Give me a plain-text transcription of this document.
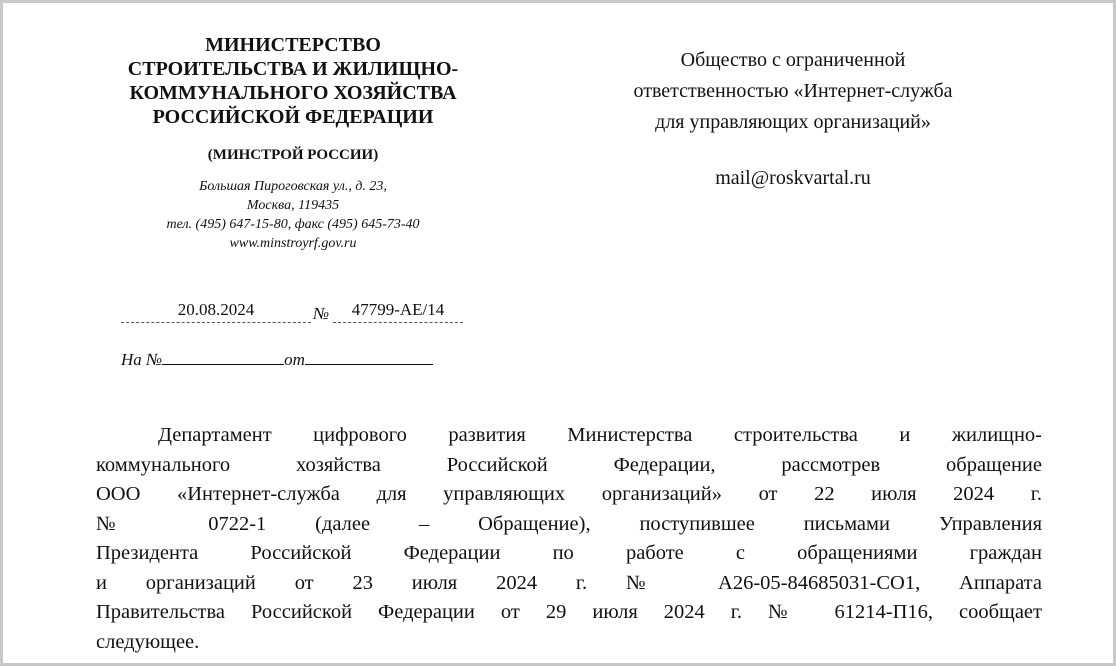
МИНИСТЕРСТВО
СТРОИТЕЛЬСТВА И ЖИЛИЩНО-
КОММУНАЛЬНОГО ХОЗЯЙСТВА
РОССИЙСКОЙ ФЕДЕРАЦИИ
(МИНСТРОЙ РОССИИ)
Большая Пироговская ул., д. 23,
Москва, 119435
тел. (495) 647-15-80, факс (495) 645-73-40
www.minstroyrf.gov.ru
20.08.2024	№	47799-АЕ/14
На №	от
Общество с ограниченной
ответственностью «Интернет-служба
для управляющих организаций»
mail@roskvartal.ru
Департамент цифрового развития Министерства строительства и жилищно-
коммунального хозяйства Российской Федерации, рассмотрев обращение
ООО «Интернет-служба для управляющих организаций» от 22 июля 2024 г.
№ 0722-1 (далее – Обращение), поступившее письмами Управления
Президента Российской Федерации по работе с обращениями граждан
и организаций от 23 июля 2024 г. № А26-05-84685031-СО1, Аппарата
Правительства Российской Федерации от 29 июля 2024 г. № 61214-П16, сообщает
следующее.
